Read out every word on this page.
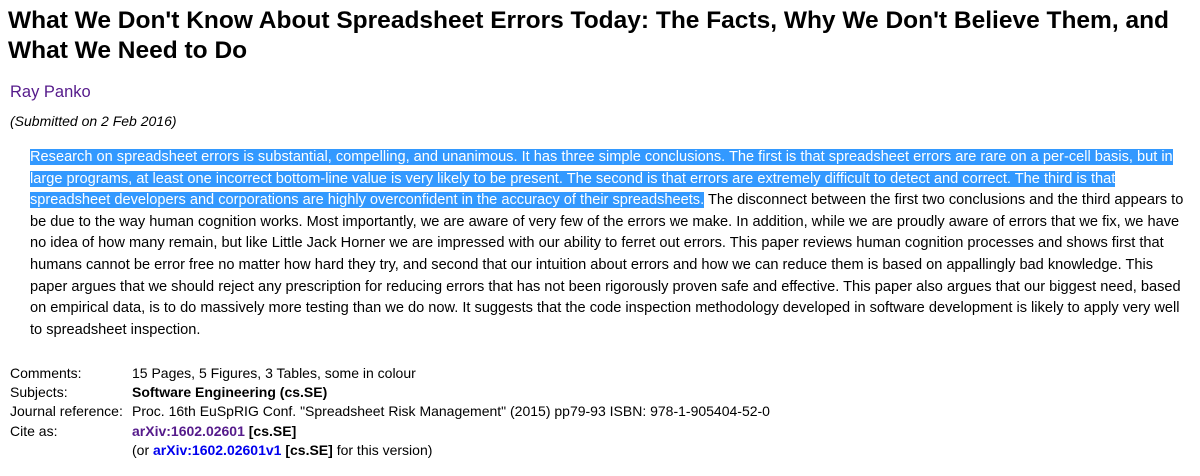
What We Don't Know About Spreadsheet Errors Today: The Facts, Why We Don't Believe Them, and What We Need to Do
Ray Panko
(Submitted on 2 Feb 2016)

Research on spreadsheet errors is substantial, compelling, and unanimous. It has three simple conclusions. The first is that spreadsheet errors are rare on a per-cell basis, but in large programs, at least one incorrect bottom-line value is very likely to be present. The second is that errors are extremely difficult to detect and correct. The third is that spreadsheet developers and corporations are highly overconfident in the accuracy of their spreadsheets. The disconnect between the first two conclusions and the third appears to be due to the way human cognition works. Most importantly, we are aware of very few of the errors we make. In addition, while we are proudly aware of errors that we fix, we have no idea of how many remain, but like Little Jack Horner we are impressed with our ability to ferret out errors. This paper reviews human cognition processes and shows first that humans cannot be error free no matter how hard they try, and second that our intuition about errors and how we can reduce them is based on appallingly bad knowledge. This paper argues that we should reject any prescription for reducing errors that has not been rigorously proven safe and effective. This paper also argues that our biggest need, based on empirical data, is to do massively more testing than we do now. It suggests that the code inspection methodology developed in software development is likely to apply very well to spreadsheet inspection.

Comments:	15 Pages, 5 Figures, 3 Tables, some in colour
Subjects:	Software Engineering (cs.SE)
Journal reference:	Proc. 16th EuSpRIG Conf. "Spreadsheet Risk Management" (2015) pp79-93 ISBN: 978-1-905404-52-0
Cite as:	arXiv:1602.02601 [cs.SE]
	(or arXiv:1602.02601v1 [cs.SE] for this version)
